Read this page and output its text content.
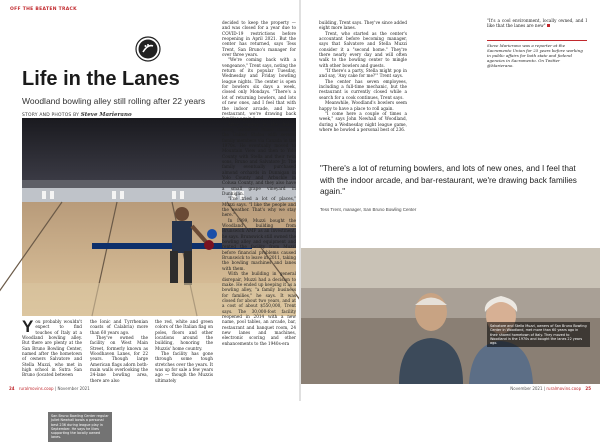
OFF THE BEATEN TRACK
Life in the Lanes
Woodland bowling alley still rolling after 22 years
STORY AND PHOTOS BY Steve Marierano
San Bruno Bowling Center regular Juliet Newhall bowls a personal best 236 during league play in September. He says he likes supporting the locally owned lanes.

You probably wouldn't expect to find touches of Italy at a Woodland bowling alley. But there are plenty at the San Bruno Bowling Center, named after the hometown of owners Salvatore and Stella Muzzi, who met in high school in Sutra San Bruno (located between

the Ionic and Tyrrhenian coasts of Calabria) more than 60 years ago.

They've owned the facility on West Main Street, formerly known as Woodhaven Lanes, for 22 years. Though large American flags adorn both-main walls overlooking the 24-lane bowling area, there are also

the red, white and green colors of the Italian flag on poles, floors and other locations around the building, honoring the Muzzis' home country.

The facility has gone through some tough stretches over the years. It was up for sale a few years ago — though the Muzzis ultimately

decided to keep the property — and was closed for a year due to COVID-19 restrictions before reopening in April 2021. But the center has returned, says Tess Trent, San Bruno's manager for over three years.

"We're coming back with a vengeance," Trent says, noting the return of its popular Tuesday, Wednesday and Friday bowling league nights. The center is open for bowlers six days a week, closed only Mondays. "There's a lot of returning bowlers, and lots of new ones, and I feel that with the indoor arcade, and bar-restaurant, we're drawing back families again."

After serving in the Italian Army, Salvatore Muzzi came to the United States with several family members via Canada in the 1970s. He eventually moved to Mountain View and then to Yolo County with Stella and their twin sons, Bruno and Salvatore Jr. The family eventually purchased almond orchards in Dunnigan in Yolo County and Arbuckle in Colusa County, and they also have a small grape vineyard in Dunnigan.

"I've tried a lot of places," Muzzi says. "I like the people and the weather. That's why we stay here."

In 1999, Muzzi bought the Woodland building from Brunswick AMF as an investment, he says. Brunswick still owned the bowling alley and equipment and rented the facility from Muzzi before financial problems caused Brunswick to leave in 2011, taking the bowling machines and lanes with them.

With the building in general disrepair, Muzzi had a decision to make. He ended up keeping it as a bowling alley, "a family business for families," he says. It was closed for about two years, and at a cost of about $550,000, Trent says. The 30,000-foot facility reopened in 2014 with a new name, pool tables, an arcade, bar, restaurant and banquet room, 24 new lanes and machines, electronic scoring and other enhancements to the 1940s-era

24 ruralmovins.coop | November 2021

building, Trent says. They've since added eight more lanes.

Trent, who started as the center's accountant before becoming manager, says that Salvatore and Stella Muzzi consider it a "second home." They're there nearly every day and will often walk to the bowling center to mingle with other bowlers and guests.

"If there's a party, Stella might pop in and say, 'Any cake for me?'" Trent says.

The center has seven employees, including a full-time mechanic, but the restaurant is currently closed while a search for a cook continues, Trent says.

Meanwhile, Woodland's bowlers seem happy to have a place to roll again.

"I come here a couple of times a week," says John Newhall of Woodland, during a Wednesday night league game, where he bowled a personal best of 236.

November 2021 | ruralmovins.coop 25

"It's a cool environment, locally owned, and I like that the lanes are new"

Steve Marierano was a reporter at the Sacramento Union for 25 years before working in public affairs for both state and federal agencies in Sacramento. On Twitter @Marierano.
"There's a lot of returning bowlers, and lots of new ones, and I feel that with the indoor arcade, and bar-restaurant, we're drawing back families again."
Tess Trent, manager, San Bruno Bowling Center
Salvatore and Stella Muzzi, owners of San Bruno Bowling Center in Woodland, met more than 60 years ago in their shared hometown of Italy. They moved to Woodland in the 1970s and bought the lanes 22 years ago.
